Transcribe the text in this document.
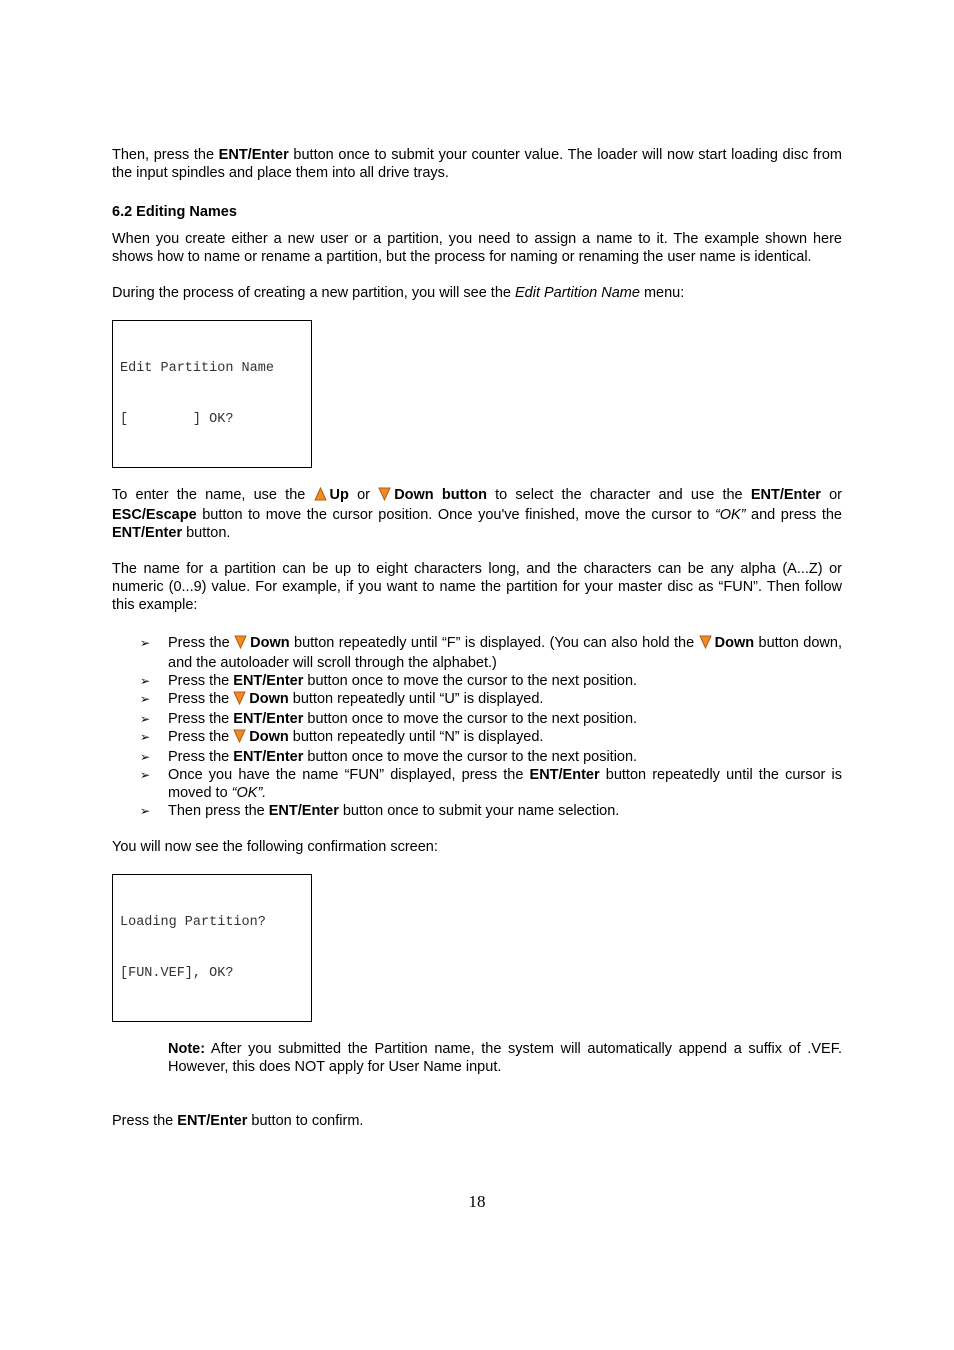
Then, press the ENT/Enter button once to submit your counter value. The loader will now start loading disc from the input spindles and place them into all drive trays.

6.2 Editing Names

When you create either a new user or a partition, you need to assign a name to it. The example shown here shows how to name or rename a partition, but the process for naming or renaming the user name is identical.

During the process of creating a new partition, you will see the Edit Partition Name menu:

Edit Partition Name

[        ] OK?

To enter the name, use the Up or Down button to select the character and use the ENT/Enter or ESC/Escape button to move the cursor position. Once you've finished, move the cursor to “OK” and press the ENT/Enter button.

The name for a partition can be up to eight characters long, and the characters can be any alpha (A...Z) or numeric (0...9) value. For example, if you want to name the partition for your master disc as “FUN”. Then follow this example:

➢ Press the Down button repeatedly until “F” is displayed. (You can also hold the Down button down, and the autoloader will scroll through the alphabet.)
➢ Press the ENT/Enter button once to move the cursor to the next position.
➢ Press the Down button repeatedly until “U” is displayed.
➢ Press the ENT/Enter button once to move the cursor to the next position.
➢ Press the Down button repeatedly until “N” is displayed.
➢ Press the ENT/Enter button once to move the cursor to the next position.
➢ Once you have the name “FUN” displayed, press the ENT/Enter button repeatedly until the cursor is moved to “OK”.
➢ Then press the ENT/Enter button once to submit your name selection.

You will now see the following confirmation screen:

Loading Partition?

[FUN.VEF], OK?

Note: After you submitted the Partition name, the system will automatically append a suffix of .VEF. However, this does NOT apply for User Name input.

Press the ENT/Enter button to confirm.

18
